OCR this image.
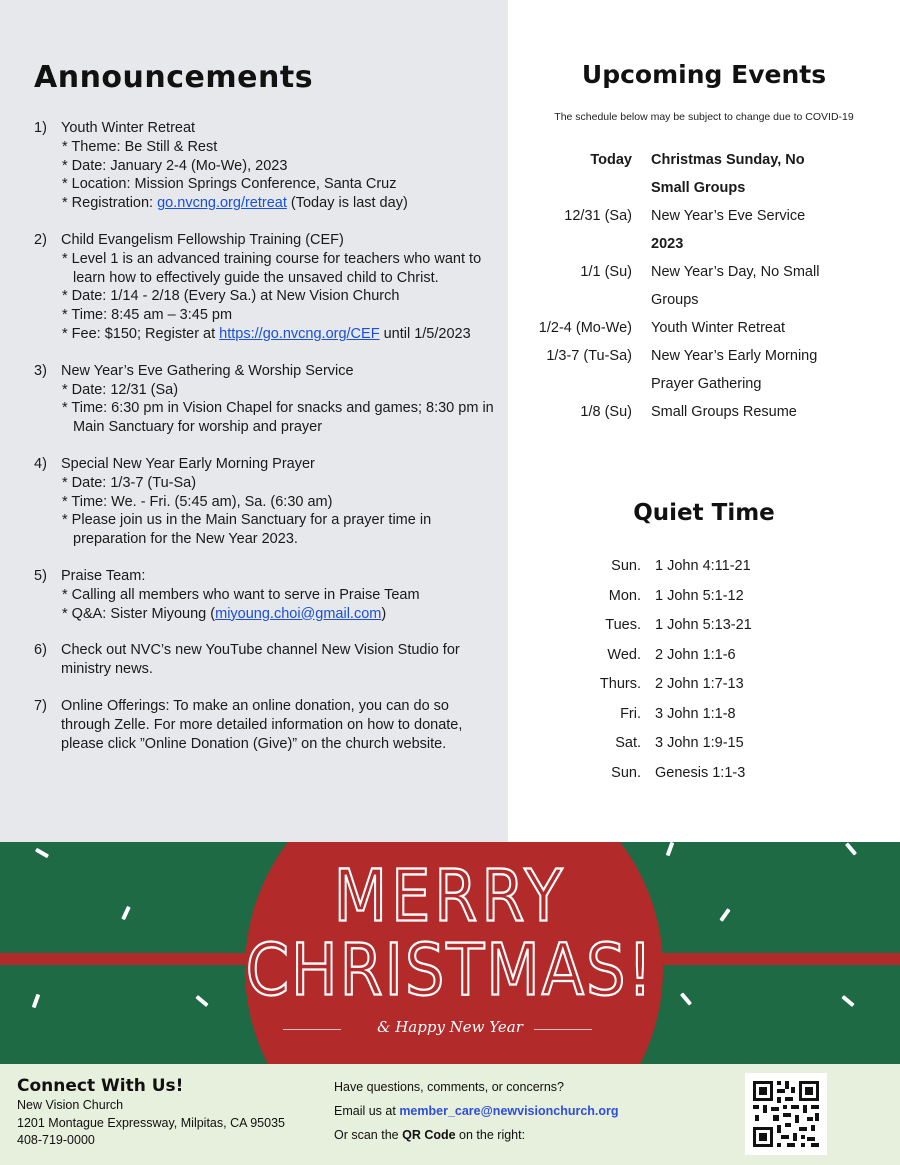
Announcements
1) Youth Winter Retreat
* Theme: Be Still & Rest
* Date: January 2-4 (Mo-We), 2023
* Location: Mission Springs Conference, Santa Cruz
* Registration: go.nvcng.org/retreat (Today is last day)
2) Child Evangelism Fellowship Training (CEF)
* Level 1 is an advanced training course for teachers who want to learn how to effectively guide the unsaved child to Christ.
* Date: 1/14 - 2/18 (Every Sa.) at New Vision Church
* Time: 8:45 am – 3:45 pm
* Fee: $150; Register at https://go.nvcng.org/CEF until 1/5/2023
3) New Year’s Eve Gathering & Worship Service
* Date: 12/31 (Sa)
* Time: 6:30 pm in Vision Chapel for snacks and games; 8:30 pm in Main Sanctuary for worship and prayer
4) Special New Year Early Morning Prayer
* Date: 1/3-7 (Tu-Sa)
* Time: We. - Fri. (5:45 am), Sa. (6:30 am)
* Please join us in the Main Sanctuary for a prayer time in preparation for the New Year 2023.
5) Praise Team:
* Calling all members who want to serve in Praise Team
* Q&A: Sister Miyoung (miyoung.choi@gmail.com)
6) Check out NVC’s new YouTube channel New Vision Studio for ministry news.
7) Online Offerings: To make an online donation, you can do so through Zelle. For more detailed information on how to donate, please click ”Online Donation (Give)” on the church website.
Upcoming Events
The schedule below may be subject to change due to COVID-19
Today	Christmas Sunday, No
Small Groups
12/31 (Sa)	New Year’s Eve Service
2023
1/1 (Su)	New Year’s Day, No Small
Groups
1/2-4 (Mo-We)	Youth Winter Retreat
1/3-7 (Tu-Sa)	New Year’s Early Morning
Prayer Gathering
1/8 (Su)	Small Groups Resume
Quiet Time
Sun. 1 John 4:11-21
Mon. 1 John 5:1-12
Tues. 1 John 5:13-21
Wed. 2 John 1:1-6
Thurs. 2 John 1:7-13
Fri. 3 John 1:1-8
Sat. 3 John 1:9-15
Sun. Genesis 1:1-3
MERRY
CHRISTMAS!
& Happy New Year
Connect With Us!
New Vision Church
1201 Montague Expressway, Milpitas, CA 95035
408-719-0000
Have questions, comments, or concerns?
Email us at member_care@newvisionchurch.org
Or scan the QR Code on the right:
